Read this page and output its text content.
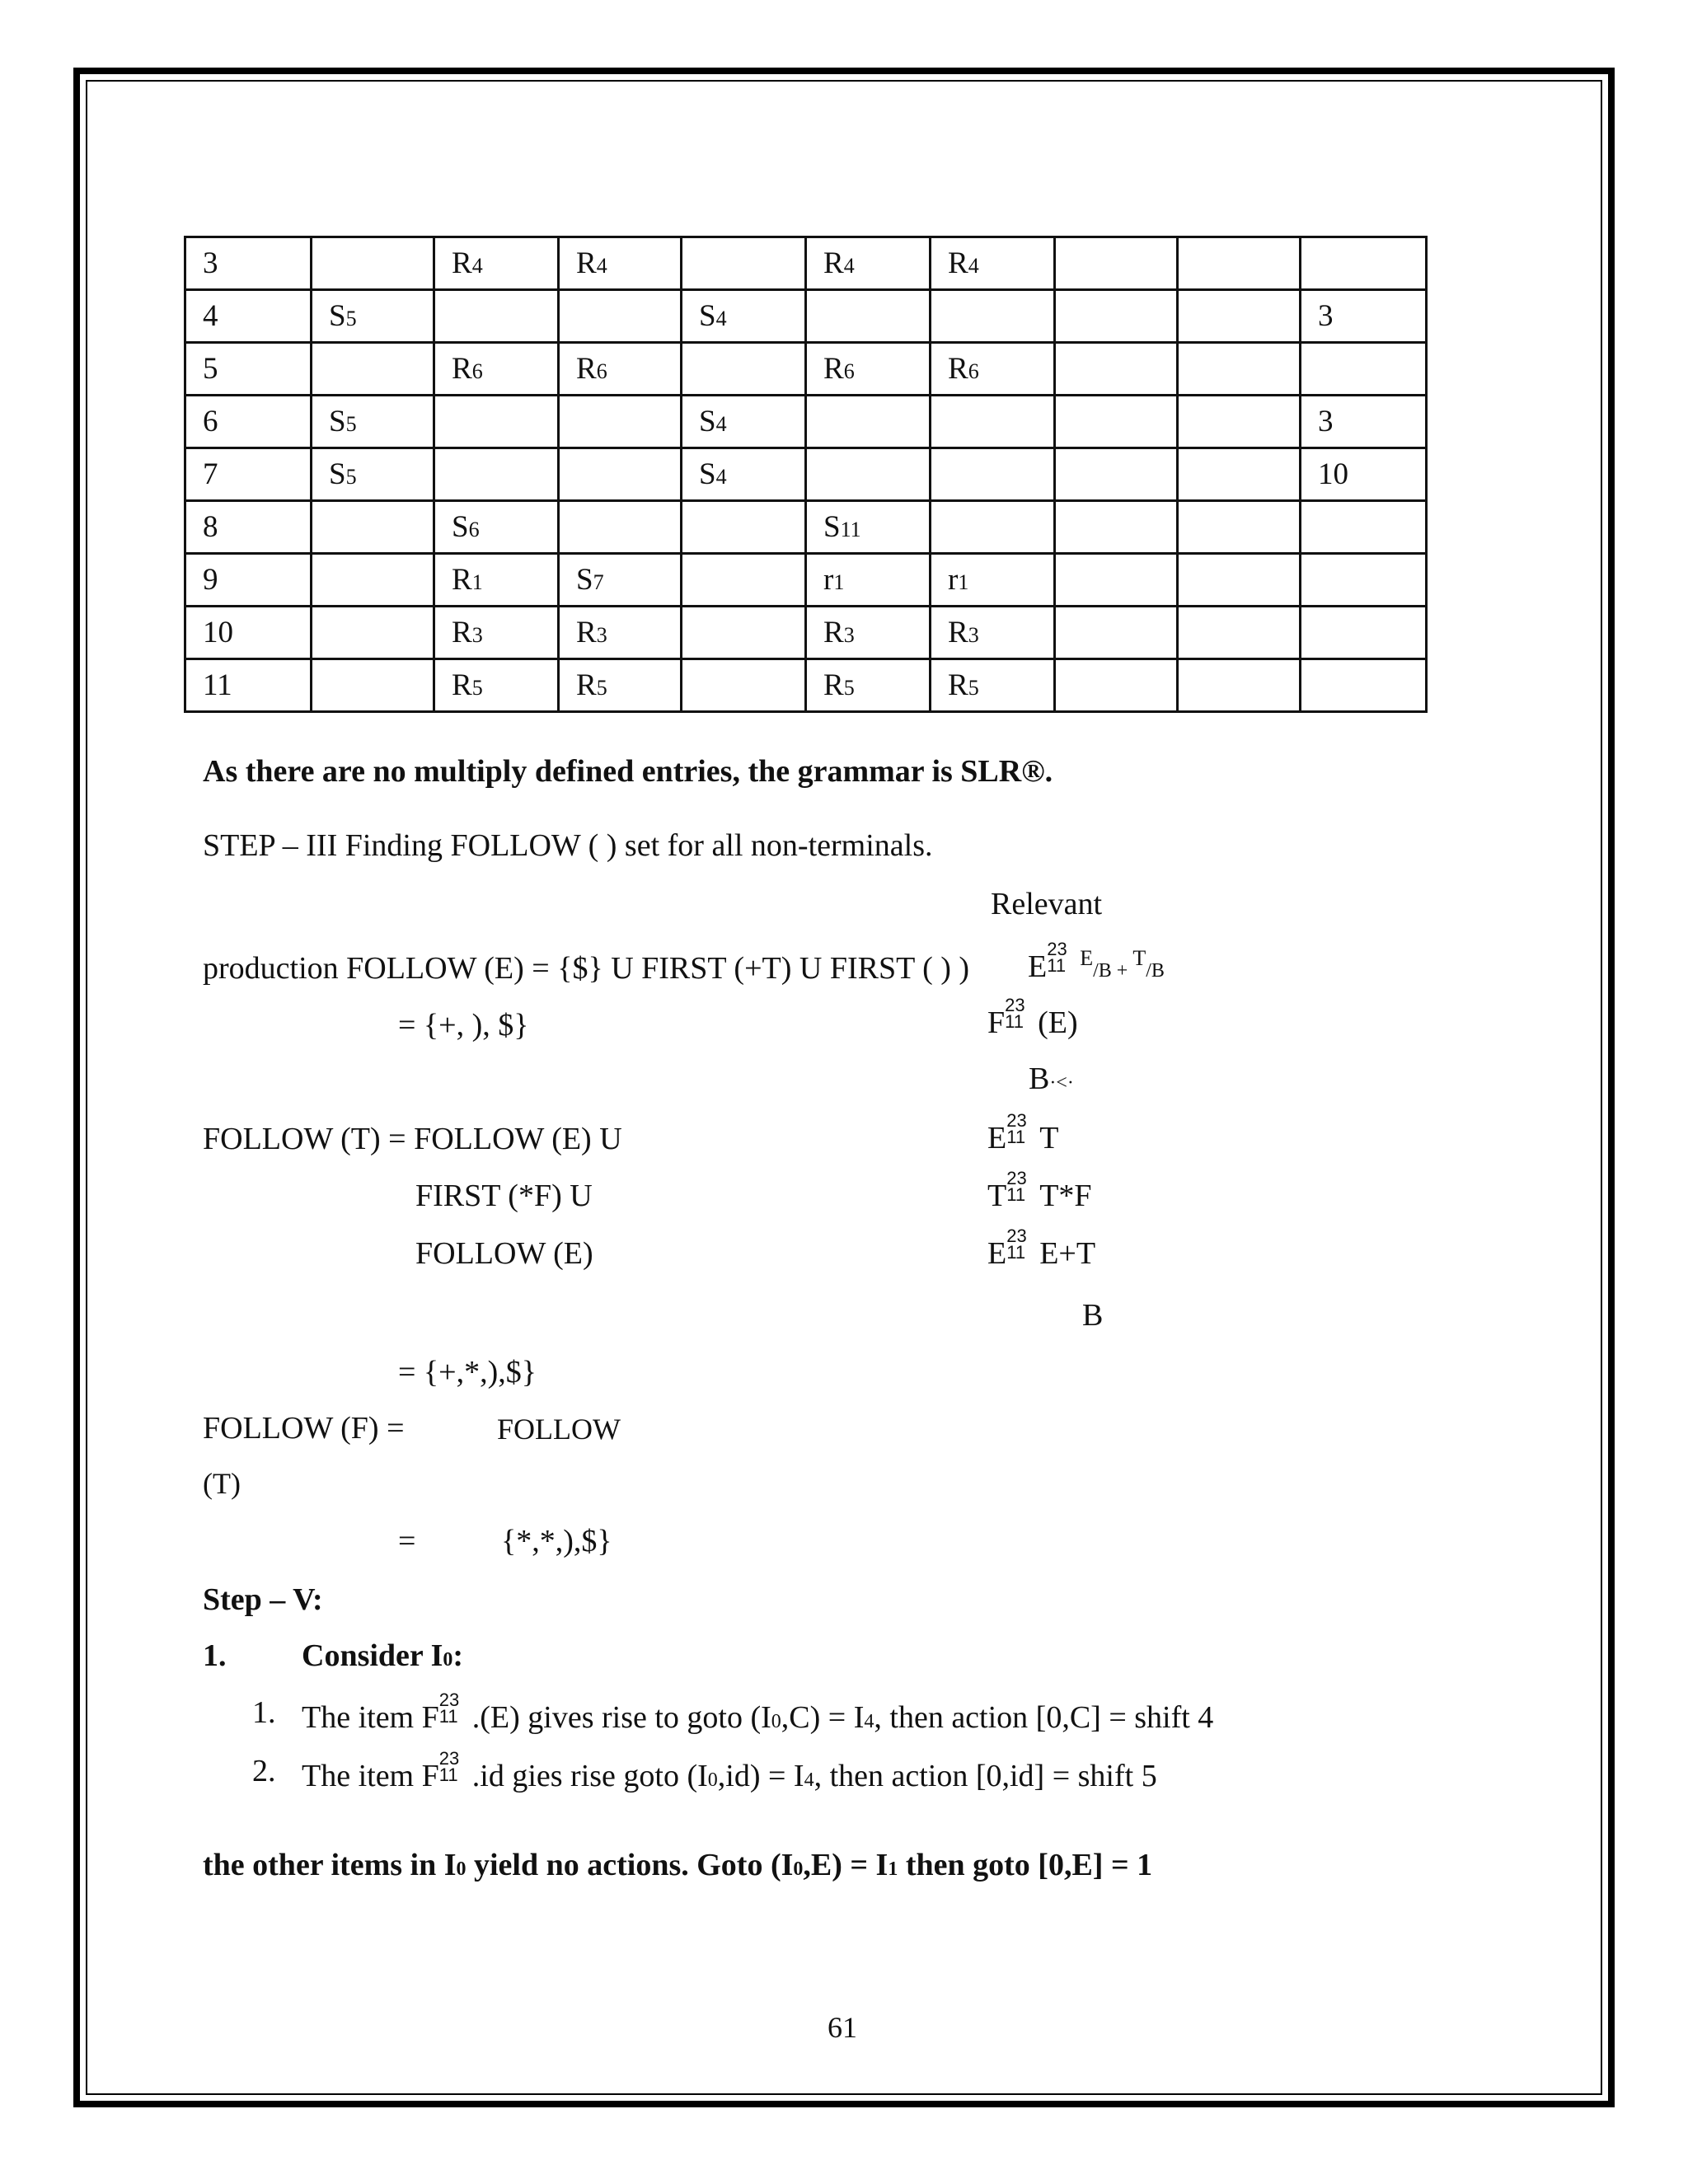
3		R4	R4		R4	R4			
4	S5			S4					3
5		R6	R6		R6	R6			
6	S5			S4					3
7	S5			S4					10
8		S6			S11				
9		R1	S7		r1	r1			
10		R3	R3		R3	R3			
11		R5	R5		R5	R5			
As there are no multiply defined entries, the grammar is SLR®.
STEP – III Finding FOLLOW ( ) set for all non-terminals.
Relevant
production FOLLOW (E) = {$} U FIRST (+T) U FIRST ( ) )
= {+, ), $}
E
23
11 $^E$/B + $^T$/B
F
23
11 (E)
B·˂·
FOLLOW (T) = FOLLOW (E) U
FIRST (*F) U
FOLLOW (E)
E
23
11 T
T
23
11 T*F
E
23
11 E+T
B
= {+,*,),$}
FOLLOW (F) =	FOLLOW
(T)
=	{*,*,),$}
Step – V:
1. Consider I0:
1. The item F
23
11 .(E) gives rise to goto (I0,C) = I4, then action [0,C] = shift 4
2. The item F
23
11 .id gies rise goto (I0,id) = I4, then action [0,id] = shift 5
the other items in I0 yield no actions. Goto (I0,E) = I1 then goto [0,E] = 1
61
